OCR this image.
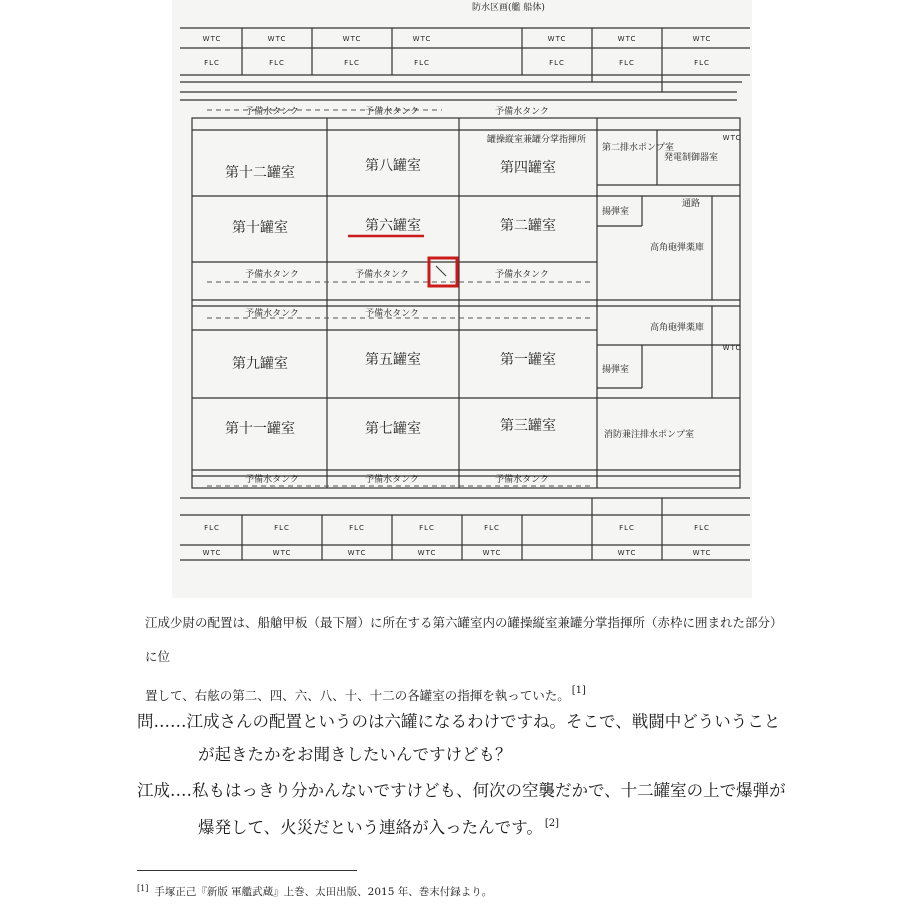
WTC	WTC	WTC	WTC	WTC	WTC	WTC
FLC	FLC	FLC	FLC	FLC	FLC	FLC
WTC
WTC
FLC	FLC	FLC	FLC	FLC	FLC	FLC
WTC	WTC	WTC	WTC	WTC	WTC	WTC
防水区画(艦 船体)
予備水タンク	予備水タンク	予備水タンク
予備水タンク	予備水タンク	予備水タンク
予備水タンク	予備水タンク
予備水タンク	予備水タンク	予備水タンク
第十二罐室	第八罐室	第四罐室
第十罐室	第六罐室	第二罐室
第九罐室	第五罐室	第一罐室
第十一罐室	第七罐室	第三罐室
第二排水ポンプ室
発電制御器室
高角砲弾薬庫
高角砲弾薬庫
揚弾室
揚弾室
消防兼注排水ポンプ室
通路
罐操縦室兼罐分掌指揮所
江成少尉の配置は、船艙甲板（最下層）に所在する第六罐室内の罐操縦室兼罐分掌指揮所（赤枠に囲まれた部分）に位
置して、右舷の第二、四、六、八、十、十二の各罐室の指揮を執っていた。 [1]
問‥‥‥江成さんの配置というのは六罐になるわけですね。そこで、戦闘中どういうこと
が起きたかをお聞きしたいんですけども？
江成‥‥私もはっきり分かんないですけども、何次の空襲だかで、十二罐室の上で爆弾が
爆発して、火災だという連絡が入ったんです。 [2]
[1] 手塚正己『新版 軍艦武蔵』上巻、太田出版、2015 年、巻末付録より。
